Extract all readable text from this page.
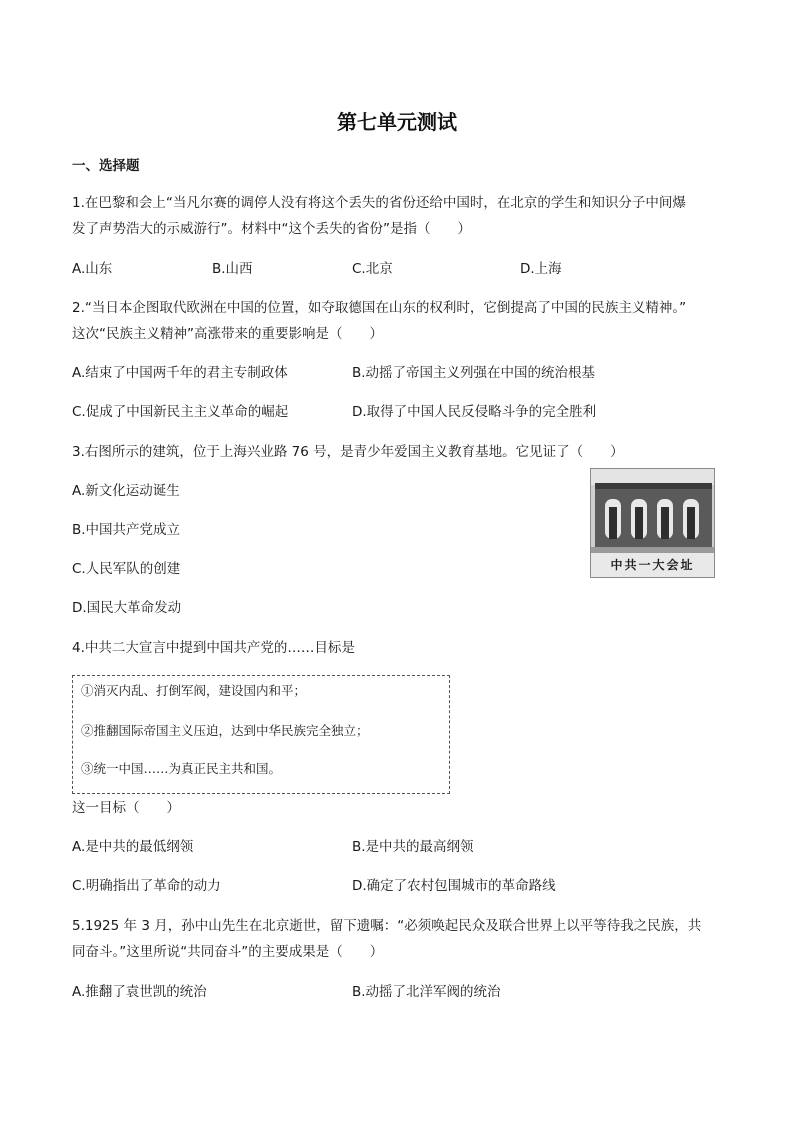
第七单元测试
一、选择题
1.在巴黎和会上“当凡尔赛的调停人没有将这个丢失的省份还给中国时，在北京的学生和知识分子中间爆
发了声势浩大的示威游行”。材料中“这个丢失的省份”是指（　　）
A.山东	B.山西	C.北京	D.上海
2.“当日本企图取代欧洲在中国的位置，如夺取德国在山东的权利时，它倒提高了中国的民族主义精神。”
这次“民族主义精神”高涨带来的重要影响是（　　）
A.结束了中国两千年的君主专制政体	B.动摇了帝国主义列强在中国的统治根基
C.促成了中国新民主主义革命的崛起	D.取得了中国人民反侵略斗争的完全胜利
3.右图所示的建筑，位于上海兴业路 76 号，是青少年爱国主义教育基地。它见证了（　　）
A.新文化运动诞生
B.中国共产党成立
C.人民军队的创建
D.国民大革命发动
中共一大会址
4.中共二大宣言中提到中国共产党的……目标是
①消灭内乱、打倒军阀，建设国内和平；
②推翻国际帝国主义压迫，达到中华民族完全独立；
③统一中国……为真正民主共和国。
这一目标（　　）
A.是中共的最低纲领	B.是中共的最高纲领
C.明确指出了革命的动力	D.确定了农村包围城市的革命路线
5.1925 年 3 月，孙中山先生在北京逝世，留下遗嘱：“必须唤起民众及联合世界上以平等待我之民族，共
同奋斗。”这里所说“共同奋斗”的主要成果是（　　）
A.推翻了袁世凯的统治	B.动摇了北洋军阀的统治
